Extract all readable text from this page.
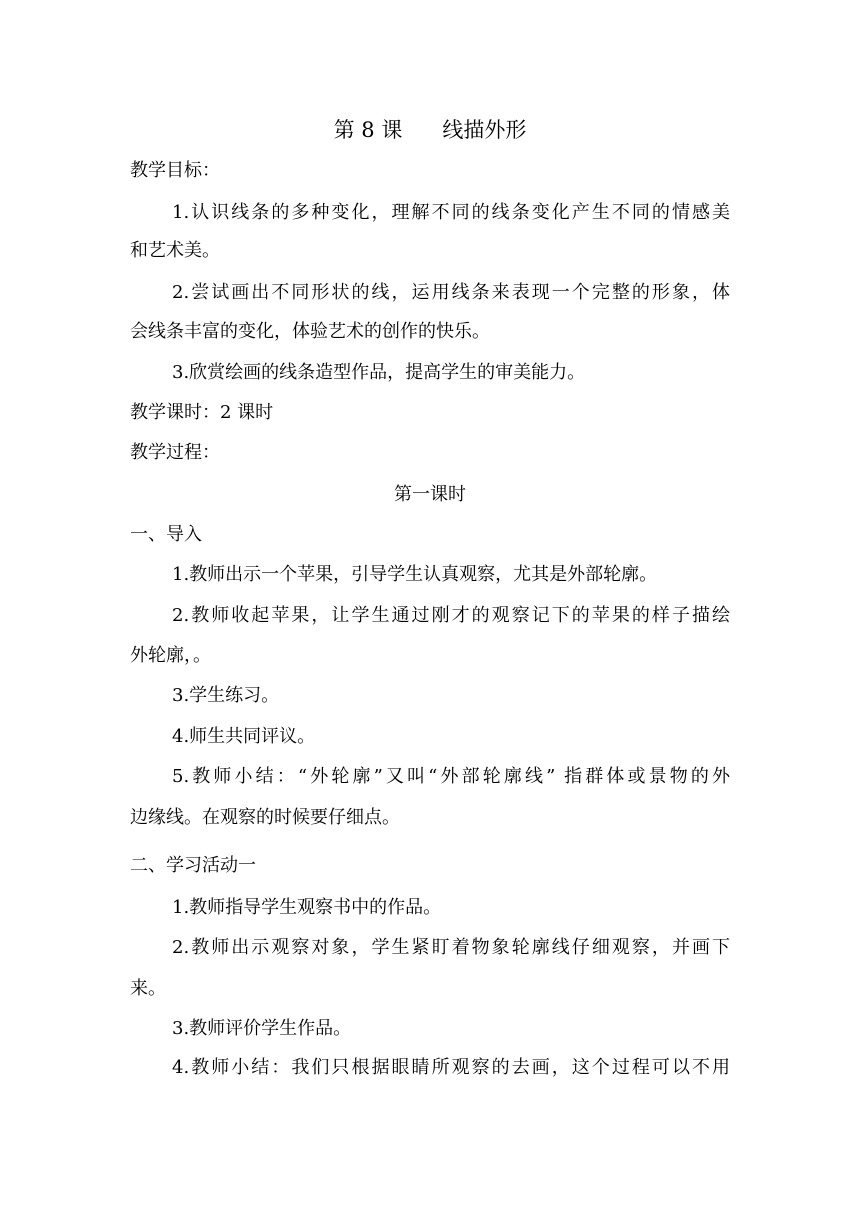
第 8 课      线描外形
教学目标：
1.认识线条的多种变化，理解不同的线条变化产生不同的情感美
和艺术美。
2.尝试画出不同形状的线，运用线条来表现一个完整的形象，体
会线条丰富的变化，体验艺术的创作的快乐。
3.欣赏绘画的线条造型作品，提高学生的审美能力。
教学课时：2 课时
教学过程：
第一课时
一、导入
1.教师出示一个苹果，引导学生认真观察，尤其是外部轮廓。
2.教师收起苹果，让学生通过刚才的观察记下的苹果的样子描绘
外轮廓，。
3.学生练习。
4.师生共同评议。
5.教师小结：“外轮廓”又叫“外部轮廓线” 指群体或景物的外
边缘线。在观察的时候要仔细点。
二、学习活动一
1.教师指导学生观察书中的作品。
2.教师出示观察对象，学生紧盯着物象轮廓线仔细观察，并画下
来。
3.教师评价学生作品。
4.教师小结：我们只根据眼睛所观察的去画，这个过程可以不用
